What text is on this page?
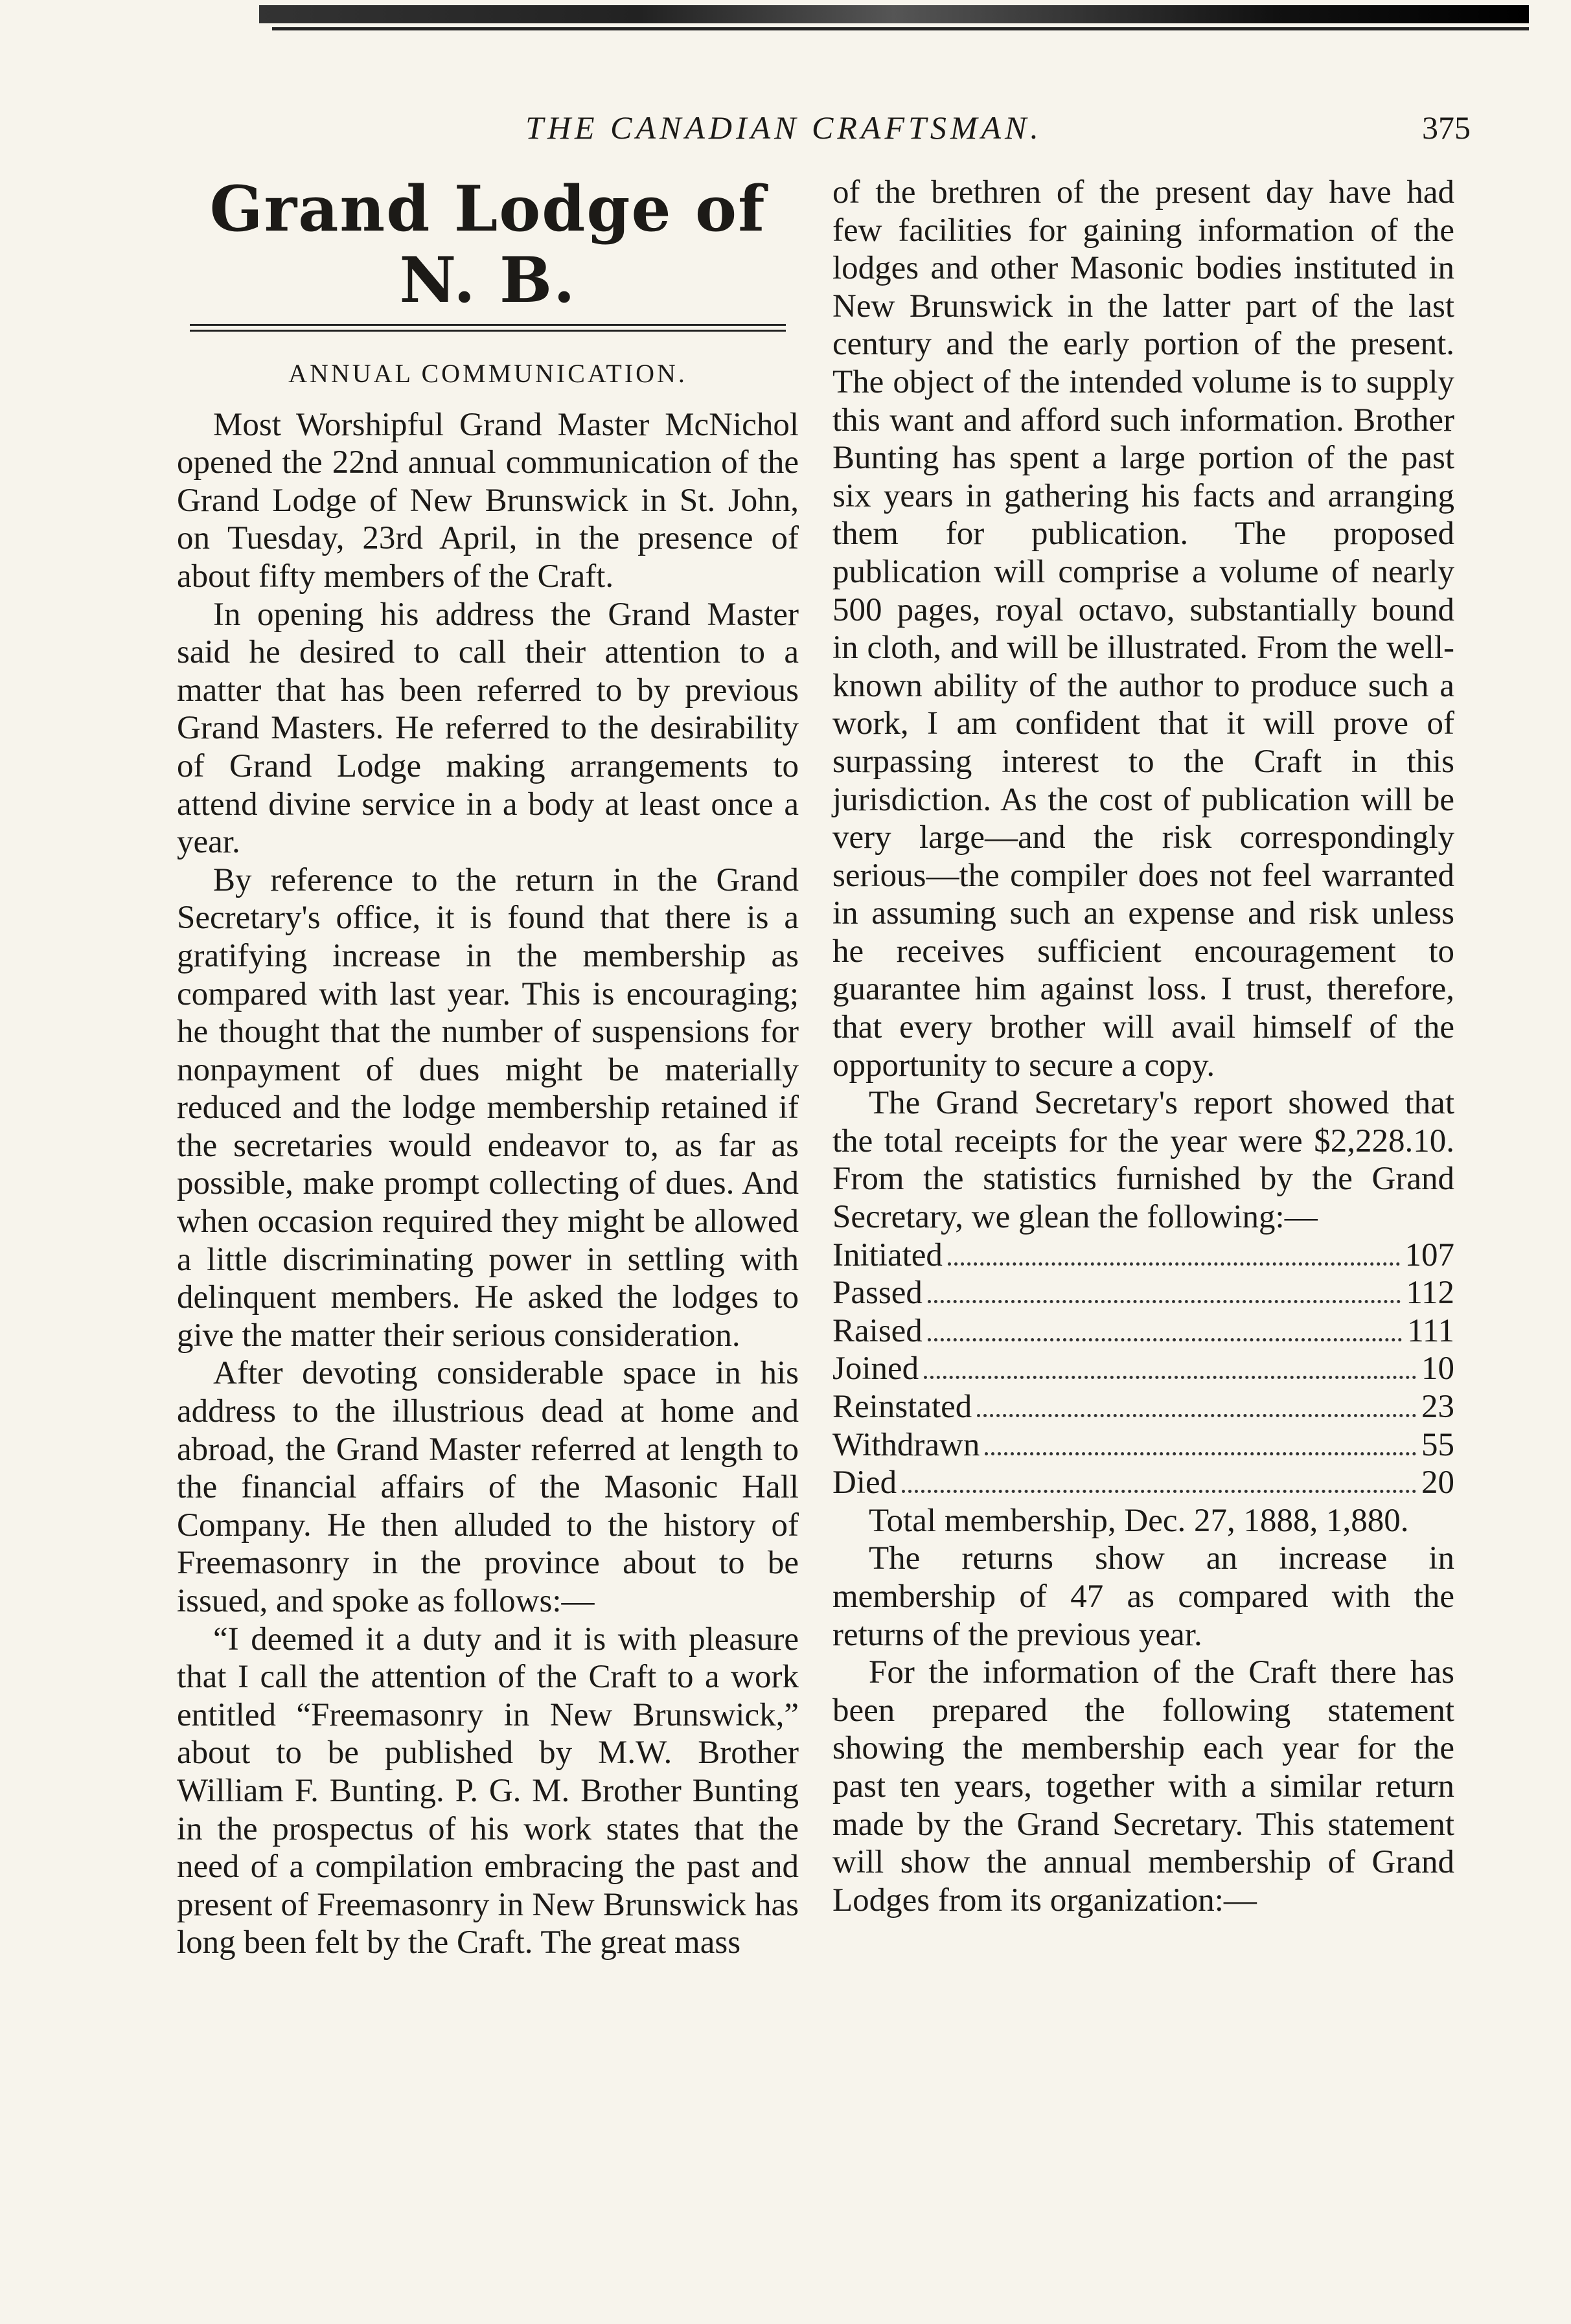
THE CANADIAN CRAFTSMAN.	375
Grand Lodge of N. B.
ANNUAL COMMUNICATION.

Most Worshipful Grand Master McNichol opened the 22nd annual communication of the Grand Lodge of New Brunswick in St. John, on Tuesday, 23rd April, in the presence of about fifty members of the Craft.

In opening his address the Grand Master said he desired to call their attention to a matter that has been referred to by previous Grand Masters. He referred to the desirability of Grand Lodge making arrangements to attend divine service in a body at least once a year.

By reference to the return in the Grand Secretary's office, it is found that there is a gratifying increase in the membership as compared with last year. This is encouraging; he thought that the number of suspensions for nonpayment of dues might be materially reduced and the lodge membership retained if the secretaries would endeavor to, as far as possible, make prompt collecting of dues. And when occasion required they might be allowed a little discriminating power in settling with delinquent members. He asked the lodges to give the matter their serious consideration.

After devoting considerable space in his address to the illustrious dead at home and abroad, the Grand Master referred at length to the financial affairs of the Masonic Hall Company. He then alluded to the history of Freemasonry in the province about to be issued, and spoke as follows:—

“I deemed it a duty and it is with pleasure that I call the attention of the Craft to a work entitled “Freemasonry in New Brunswick,” about to be published by M.W. Brother William F. Bunting. P. G. M. Brother Bunting in the prospectus of his work states that the need of a compilation embracing the past and present of Freemasonry in New Brunswick has long been felt by the Craft. The great mass

of the brethren of the present day have had few facilities for gaining information of the lodges and other Masonic bodies instituted in New Brunswick in the latter part of the last century and the early portion of the present. The object of the intended volume is to supply this want and afford such information. Brother Bunting has spent a large portion of the past six years in gathering his facts and arranging them for publication. The proposed publication will comprise a volume of nearly 500 pages, royal octavo, substantially bound in cloth, and will be illustrated. From the well-known ability of the author to produce such a work, I am confident that it will prove of surpassing interest to the Craft in this jurisdiction. As the cost of publication will be very large—and the risk correspondingly serious—the compiler does not feel warranted in assuming such an expense and risk unless he receives sufficient encouragement to guarantee him against loss. I trust, therefore, that every brother will avail himself of the opportunity to secure a copy.

The Grand Secretary's report showed that the total receipts for the year were $2,228.10. From the statistics furnished by the Grand Secretary, we glean the following:—

Initiated	107
Passed	112
Raised	111
Joined	10
Reinstated	23
Withdrawn	55
Died	20

Total membership, Dec. 27, 1888, 1,880.

The returns show an increase in membership of 47 as compared with the returns of the previous year.

For the information of the Craft there has been prepared the following statement showing the membership each year for the past ten years, together with a similar return made by the Grand Secretary. This statement will show the annual membership of Grand Lodges from its organization:—
